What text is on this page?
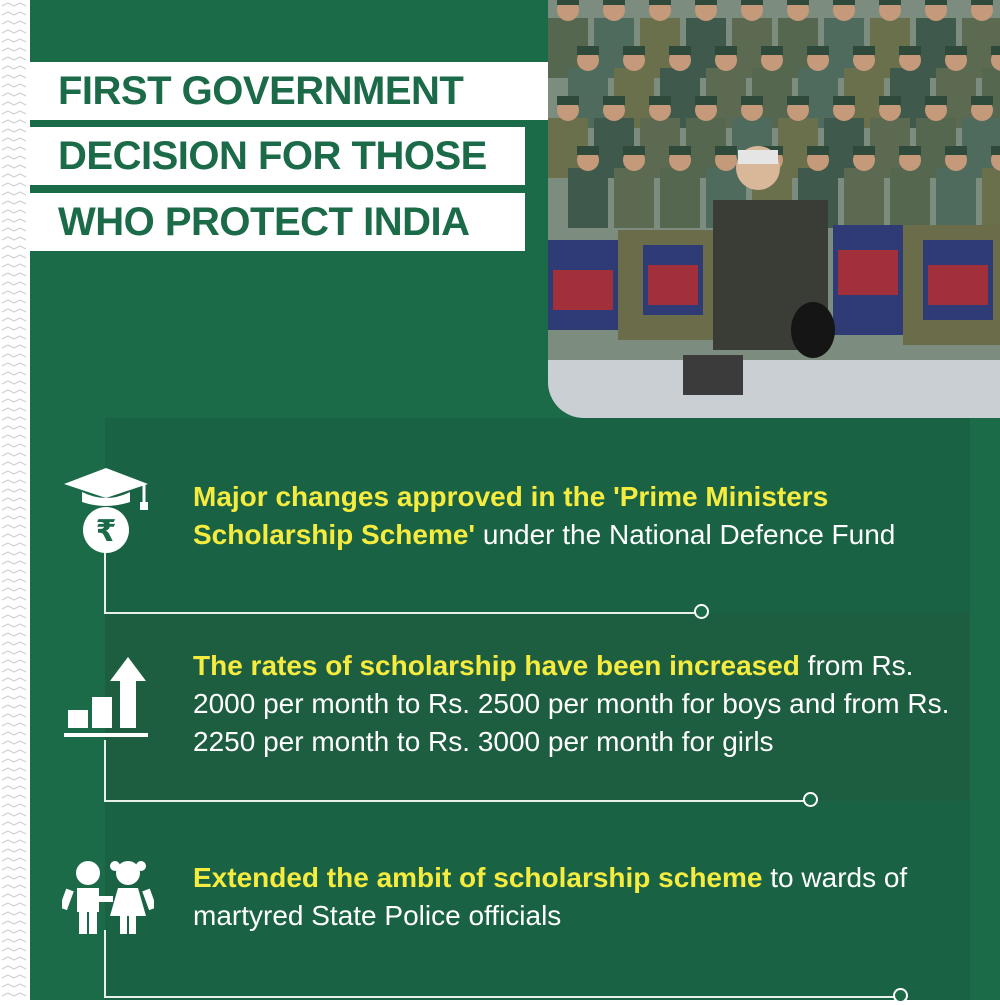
FIRST GOVERNMENT
DECISION FOR THOSE
WHO PROTECT INDIA
₹
Major changes approved in the 'Prime Ministers Scholarship Scheme' under the National Defence Fund
The rates of scholarship have been increased from Rs. 2000 per month to Rs. 2500 per month for boys and from Rs. 2250 per month to Rs. 3000 per month for girls
Extended the ambit of scholarship scheme to wards of martyred State Police officials
